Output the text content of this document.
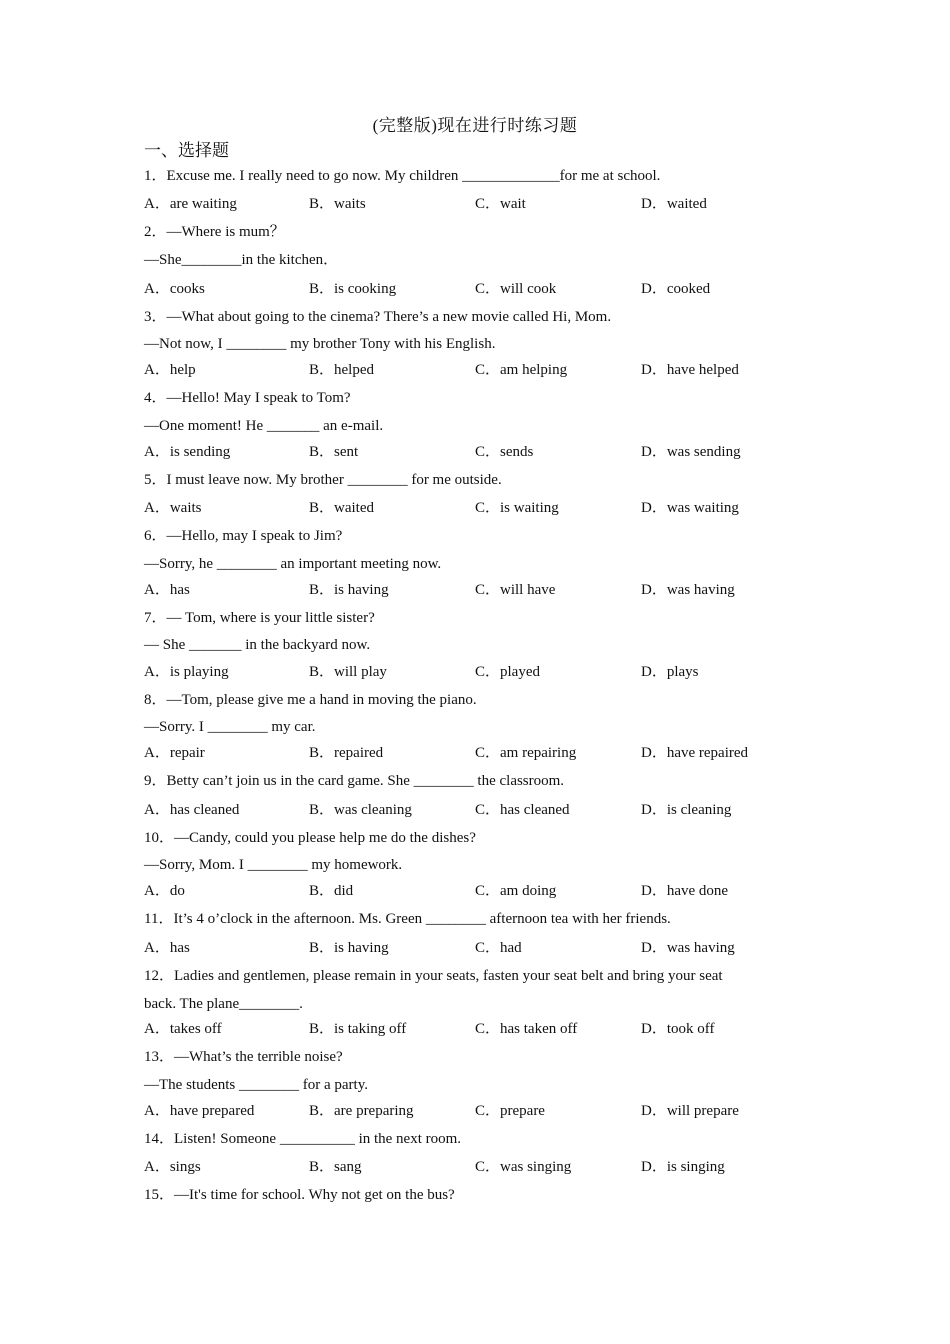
(完整版)现在进行时练习题
一、选择题
1．Excuse me. I really need to go now. My children _____________for me at school.
A．are waiting	B．waits	C．wait	D．waited
2．—Where is mum？
—She________in the kitchen．
A．cooks	B．is cooking	C．will cook	D．cooked
3．—What about going to the cinema? There’s a new movie called Hi, Mom.
—Not now, I ________ my brother Tony with his English.
A．help	B．helped	C．am helping	D．have helped
4．—Hello! May I speak to Tom?
—One moment! He _______ an e-mail.
A．is sending	B．sent	C．sends	D．was sending
5．I must leave now. My brother ________ for me outside.
A．waits	B．waited	C．is waiting	D．was waiting
6．—Hello, may I speak to Jim?
—Sorry, he ________ an important meeting now.
A．has	B．is having	C．will have	D．was having
7．— Tom, where is your little sister?
— She _______ in the backyard now.
A．is playing	B．will play	C．played	D．plays
8．—Tom, please give me a hand in moving the piano.
—Sorry. I ________ my car.
A．repair	B．repaired	C．am repairing	D．have repaired
9．Betty can’t join us in the card game. She ________ the classroom.
A．has cleaned	B．was cleaning	C．has cleaned	D．is cleaning
10．—Candy, could you please help me do the dishes?
—Sorry, Mom. I ________ my homework.
A．do	B．did	C．am doing	D．have done
11．It’s 4 o’clock in the afternoon. Ms. Green ________ afternoon tea with her friends.
A．has	B．is having	C．had	D．was having
12．Ladies and gentlemen, please remain in your seats, fasten your seat belt and bring your seat
back. The plane________.
A．takes off	B．is taking off	C．has taken off	D．took off
13．—What’s the terrible noise?
—The students ________ for a party.
A．have prepared	B．are preparing	C．prepare	D．will prepare
14．Listen! Someone __________ in the next room.
A．sings	B．sang	C．was singing	D．is singing
15．—It's time for school. Why not get on the bus?
